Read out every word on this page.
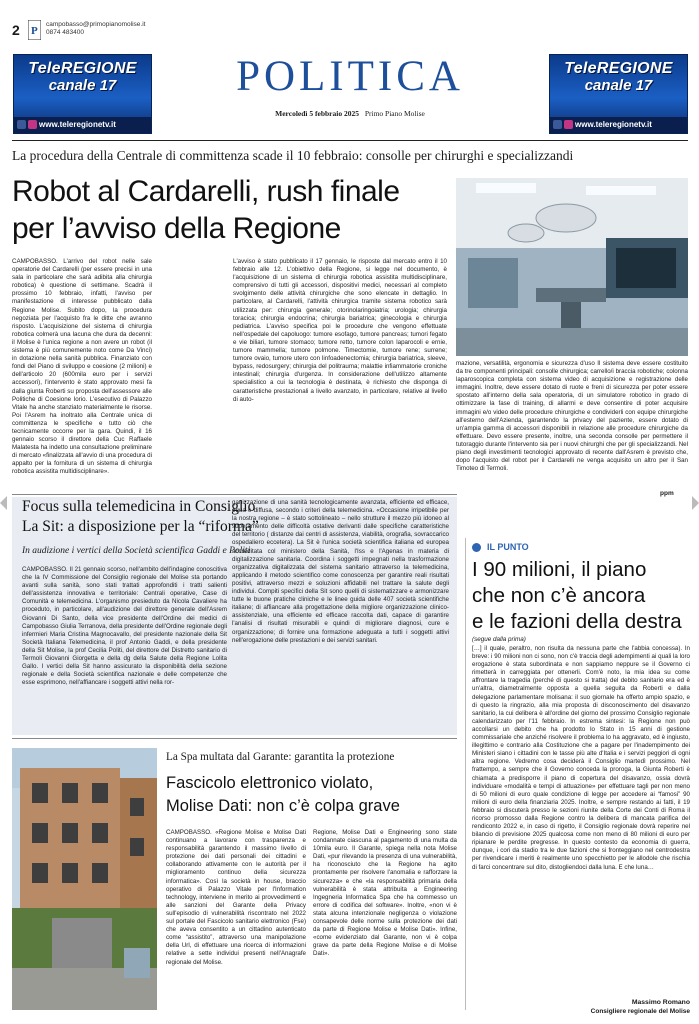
2 P
campobasso@primopianomolise.it
0874 483400
TeleREGIONE
canale 17
www.teleregionetv.it
POLITICA
Mercoledì 5 febbraio 2025 Primo Piano Molise
TeleREGIONE
canale 17
www.teleregionetv.it
La procedura della Centrale di committenza scade il 10 febbraio: consolle per chirurghi e specializzandi
Robot al Cardarelli, rush finale
per l’avviso della Regione
CAMPOBASSO. L'arrivo del robot nelle sale operatorie del Cardarelli (per essere precisi in una sala in particolare che sarà adibita alla chirurgia robotica) è questione di settimane. Scadrà il prossimo 10 febbraio, infatti, l'avviso per manifestazione di interesse pubblicato dalla Regione Molise. Subito dopo, la procedura negoziata per l'acquisto fra le ditte che avranno risposto. L'acquisizione del sistema di chirurgia robotica colmerà una lacuna che dura da decenni: il Molise è l'unica regione a non avere un robot (il sistema è più comunemente noto come Da Vinci) in dotazione nella sanità pubblica. Finanziato con fondi del Piano di sviluppo e coesione (2 milioni) e dell'articolo 20 (600mila euro per i servizi accessori), l'intervento è stato approvato mesi fa dalla giunta Roberti su proposta dell'assessore alle Politiche di Coesione Iorio. L'esecutivo di Palazzo Vitale ha anche stanziato materialmente le risorse. Poi l'Asrem ha inoltrato alla Centrale unica di committenza le specifiche e tutto ciò che tecnicamente occorre per la gara. Quindi, il 16 gennaio scorso il direttore della Cuc Raffaele Malatesta ha indetto una consultazione preliminare di mercato «finalizzata all'avvio di una procedura di appalto per la fornitura di un sistema di chirurgia robotica assistita multidisciplinare».
L'avviso è stato pubblicato il 17 gennaio, le risposte dal mercato entro il 10 febbraio alle 12. L'obiettivo della Regione, si legge nel documento, è l'acquisizione di un sistema di chirurgia robotica assistita multidisciplinare, comprensivo di tutti gli accessori, dispositivi medici, necessari al completo svolgimento delle attività chirurgiche che sono elencate in dettaglio. In particolare, al Cardarelli, l'attività chirurgica tramite sistema robotico sarà utilizzata per: chirurgia generale; otorinolaringoiatria; urologia; chirurgia toracica; chirurgia endocrina; chirurgia bariatrica; ginecologia e chirurgia pediatrica. L'avviso specifica poi le procedure che vengono effettuate nell'ospedale del capoluogo: tumore esofago, tumore pancreas; tumori fegato e vie biliari, tumore stomaco; tumore retto, tumore colon laparocoli e ernie, tumore mammella; tumore polmone. Timectomie, tumore rene; surrene; tumore ovaio, tumore utero con linfoadenectomia; chirurgia bariatrica, sleeve, bypass, redosurgery; chirurgia del politrauma; malattie infiammatorie croniche intestinali; chirurgia d'urgenza. In considerazione dell'utilizzo altamente specialistico a cui la tecnologia è destinata, è richiesto che disponga di caratteristiche prestazionali a livello avanzato, in particolare, relative al livello di auto-
mazione, versatilità, ergonomia e sicurezza d'uso Il sistema deve essere costituito da tre componenti principali: consolle chirurgica; carrello/i braccia robotiche; colonna laparoscopica completa con sistema video di acquisizione e registrazione delle immagini. Inoltre, deve essere dotato di ruote e freni di sicurezza per poter essere spostato all'interno della sala operatoria, di un simulatore robotico in grado di ottimizzare la fase di training, di allarmi e deve consentire di poter acquisire immagini e/o video delle procedure chirurgiche e condividerli con equipe chirurgiche all'esterno dell'Azienda, garantendo la privacy del paziente, essere dotato di un'ampia gamma di accessori disponibili in relazione alle procedure chirurgiche da effettuare. Devo essere presente, inoltre, una seconda consolle per permettere il tutoraggio durante l'intervento sia per i nuovi chirurghi che per gli specializzandi. Nel piano degli investimenti tecnologici approvato di recente dall'Asrem è previsto che, dopo l'acquisto del robot per il Cardarelli ne venga acquisito un altro per il San Timoteo di Termoli.
ppm
Focus sulla telemedicina in Consiglio
La Sit: a disposizione per la “riforma”
In audizione i vertici della Società scientifica Gaddi e Politi
CAMPOBASSO. Il 21 gennaio scorso, nell'ambito dell'indagine conoscitiva che la IV Commissione del Consiglio regionale del Molise sta portando avanti sulla sanità, sono stati trattati approfonditi i tratti salienti dell'assistenza innovativa e territoriale: Centrali operative, Case di Comunità e telemedicina. L'organismo presieduto da Nicola Cavaliere ha proceduto, in particolare, all'audizione del direttore generale dell'Asrem Giovanni Di Santo, della vice presidente dell'Ordine dei medici di Campobasso Giulia Terranova, della presidente dell'Ordine regionale degli infermieri Maria Cristina Magnocavallo, del presidente nazionale della Sit Società Italiana Telemedicina, il prof Antonio Gaddi, e della presidente della Sit Molise, la prof Cecilia Politi, del direttore del Distretto sanitario di Termoli Giovanni Giorgetta e della dg della Salute della Regione Lolita Gallo. I vertici della Sit hanno assicurato la disponibilità della sezione regionale e della Società scientifica nazionale e delle competenze che esse esprimono, nell'affiancare i soggetti attivi nella ror-
ganizzazione di una sanità tecnologicamente avanzata, efficiente ed efficace, equa e diffusa, secondo i criteri della telemedicina. «Occasione irripetibile per la nostra regione – è stato sottolineato – nello strutture il mezzo più idoneo al superamento delle difficoltà ostative derivanti dalle specifiche caratteristiche del territorio ( distanze dai centri di assistenza, viabilità, orografia, sovraccarico ospedaliero eccetera). La Sit è l'unica società scientifica italiana ed europea accreditata col ministero della Sanità, l'Iss e l'Agenas in materia di digitalizzazione sanitaria. Coordina i soggetti impegnati nella trasformazione organizzativa digitalizzata del sistema sanitario attraverso la telemedicina, applicando il metodo scientifico come conoscenza per garantire reali risultati positivi, attraverso mezzi e soluzioni affidabili nel trattare la salute degli individui. Compiti specifici della Sit sono quelli di sistematizzare e armonizzare tutte le buone pratiche cliniche e le linee guida delle 407 società scientifiche italiane; di affiancare alla progettazione della migliore organizzazione clinico-assistenziale, una efficiente ed efficace raccolta dati, capace di garantire l'analisi di risultati misurabili e quindi di migliorare diagnosi, cure e organizzazione; di fornire una formazione adeguata a tutti i soggetti attivi nell'erogazione delle prestazioni e dei servizi sanitari.
IL PUNTO
I 90 milioni, il piano
che non c’è ancora
e le fazioni della destra
(segue dalla prima)
[…] il quale, peraltro, non risulta da nessuna parte che l'abbia concessa). In breve: i 90 milioni non ci sono, non c'è traccia degli adempimenti ai quali la loro erogazione è stata subordinata e non sappiamo neppure se il Governo ci rimetterà in carreggiata per ottenerli. Com'è noto, la mia idea su come affrontare la tragedia (perché di questo si tratta) del debito sanitario era ed è un'altra, diametralmente opposta a quella seguita da Roberti e dalla delegazione parlamentare molisana: il suo giornale ha offerto ampio spazio, e di questo la ringrazio, alla mia proposta di disconoscimento del disavanzo sanitario, la cui delibera è all'ordine del giorno del prossimo Consiglio regionale calendarizzato per l'11 febbraio. In estrema sintesi: la Regione non può accollarsi un debito che ha prodotto lo Stato in 15 anni di gestione commissariale che anziché risolvere il problema lo ha aggravato, ed è ingiusto, illegittimo e contrario alla Costituzione che a pagare per l'inadempimento dei Ministeri siano i cittadini con le tasse più alte d'Italia e i servizi peggiori di ogni altra regione. Vedremo cosa deciderà il Consiglio martedì prossimo. Nel frattempo, a sempre che il Governo conceda la proroga, la Giunta Roberti è chiamata a predisporre il piano di copertura del disavanzo, ossia dovrà individuare «modalità e tempi di attuazione» per effettuare tagli per non meno di 50 milioni di euro quale condizione di legge per accedere ai “famosi” 90 milioni di euro della finanziaria 2025. Inoltre, e sempre restando ai fatti, il 19 febbraio si discuterà presso le sezioni riunite della Corte dei Conti di Roma il ricorso promosso dalla Regione contro la delibera di mancata parifica del rendiconto 2022 e, in caso di rigetto, il Consiglio regionale dovrà reperire nel bilancio di previsione 2025 qualcosa come non meno di 80 milioni di euro per ripianare le perdite pregresse. In questo contesto da economia di guerra, dunque, i cori da stadio tra le due fazioni che si fronteggiano nel centrodestra per rivendicare i meriti è realmente uno specchietto per le allodole che rischia di farci concentrare sul dito, distogliendoci dalla luna. E che luna…
Massimo Romano
Consigliere regionale del Molise
La Spa multata dal Garante: garantita la protezione
Fascicolo elettronico violato,
Molise Dati: non c’è colpa grave
CAMPOBASSO. «Regione Molise e Molise Dati continuano a lavorare con trasparenza e responsabilità garantendo il massimo livello di protezione dei dati personali dei cittadini e collaborando attivamente con le autorità per il miglioramento continuo della sicurezza informatica». Così la società in house, braccio operativo di Palazzo Vitale per l'Information technology, interviene in merito ai provvedimenti e alle sanzioni del Garante della Privacy sull'episodio di vulnerabilità riscontrato nel 2022 sul portale del Fascicolo sanitario elettronico (Fse) che aveva consentito a un cittadino autenticato come “assistito”, attraverso una manipolazione della Url, di effettuare una ricerca di informazioni relative a sette individui presenti nell'Anagrafe regionale del Molise.
Regione, Molise Dati e Engineering sono state condannate ciascuna al pagamento di una multa da 10mila euro. Il Garante, spiega nella nota Molise Dati, «pur rilevando la presenza di una vulnerabilità, ha riconosciuto che la Regione ha agito prontamente per risolvere l'anomalia e rafforzare la sicurezza» e che «la responsabilità primaria della vulnerabilità è stata attribuita a Engineering Ingegneria Informatica Spa che ha commesso un errore di codifica del software». Inoltre, «non vi è stata alcuna intenzionale negligenza o violazione consapevole delle norme sulla protezione dei dati da parte di Regione Molise e Molise Dati». Infine, «come evidenziato dal Garante, non vi è colpa grave da parte della Regione Molise e di Molise Dati».
